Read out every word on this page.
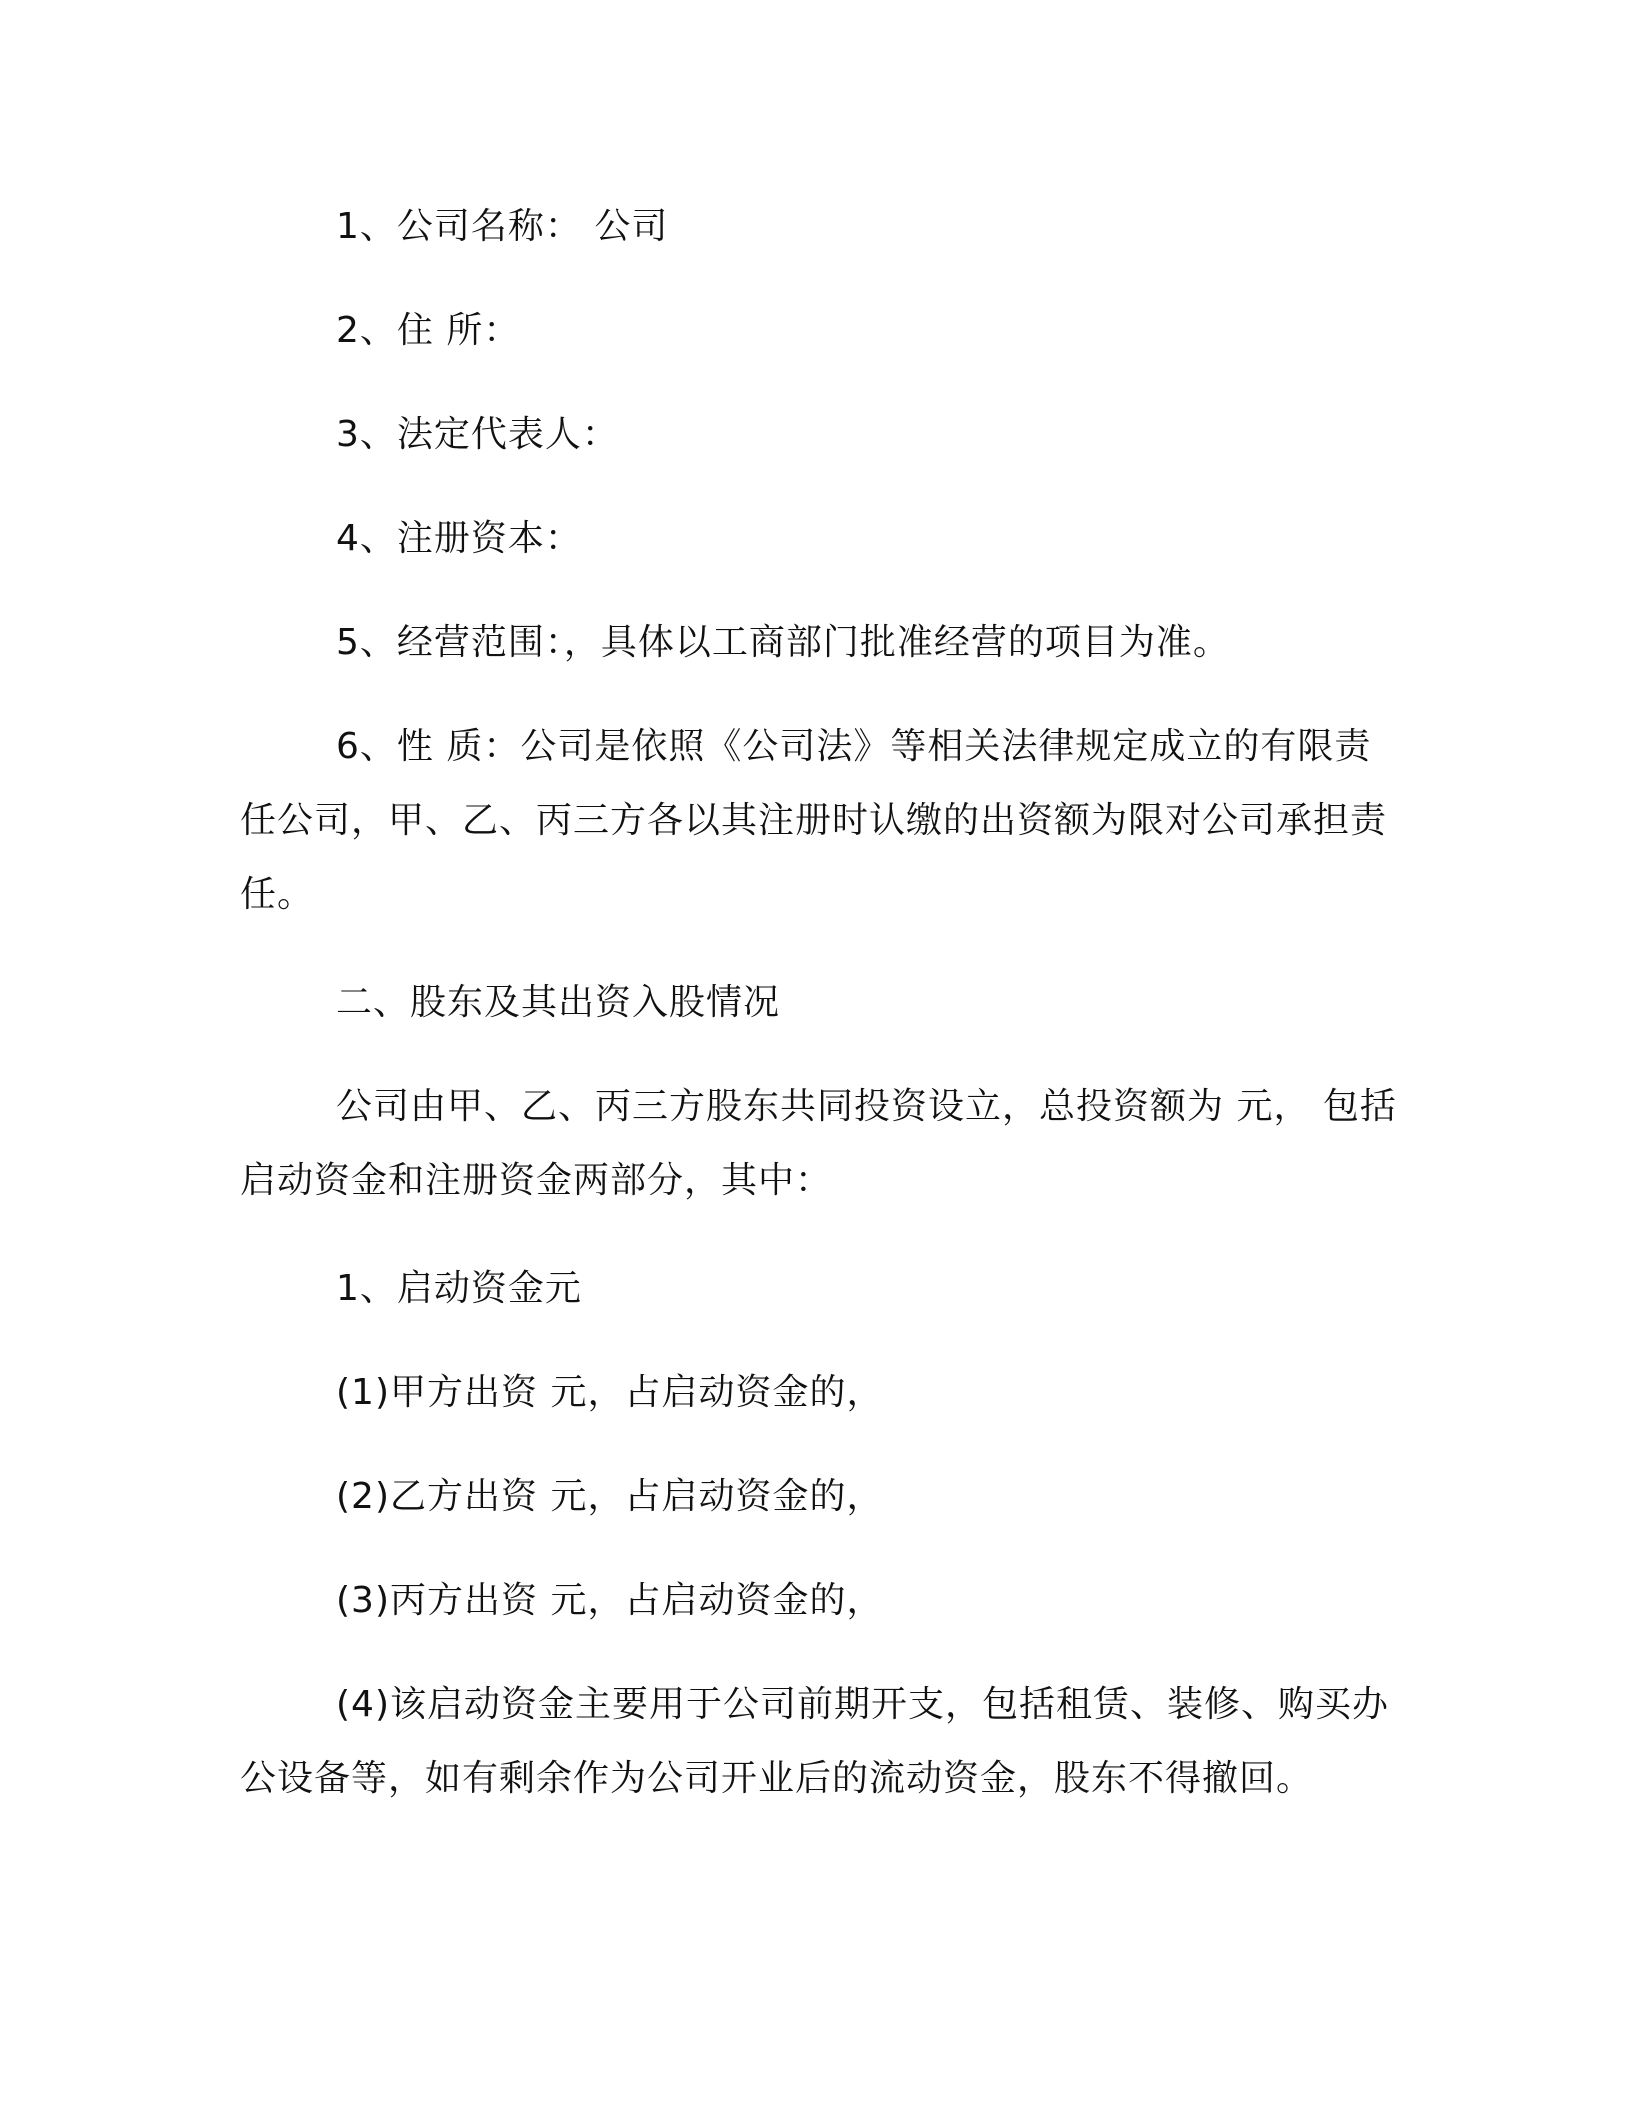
1、公司名称： 公司

2、住 所：

3、法定代表人：

4、注册资本：

5、经营范围：，具体以工商部门批准经营的项目为准。

6、性 质：公司是依照《公司法》等相关法律规定成立的有限责任公司，甲、乙、丙三方各以其注册时认缴的出资额为限对公司承担责任。

二、股东及其出资入股情况

公司由甲、乙、丙三方股东共同投资设立，总投资额为 元， 包括启动资金和注册资金两部分，其中：

1、启动资金元

(1)甲方出资 元，占启动资金的，

(2)乙方出资 元，占启动资金的，

(3)丙方出资 元，占启动资金的，

(4)该启动资金主要用于公司前期开支，包括租赁、装修、购买办公设备等，如有剩余作为公司开业后的流动资金，股东不得撤回。
